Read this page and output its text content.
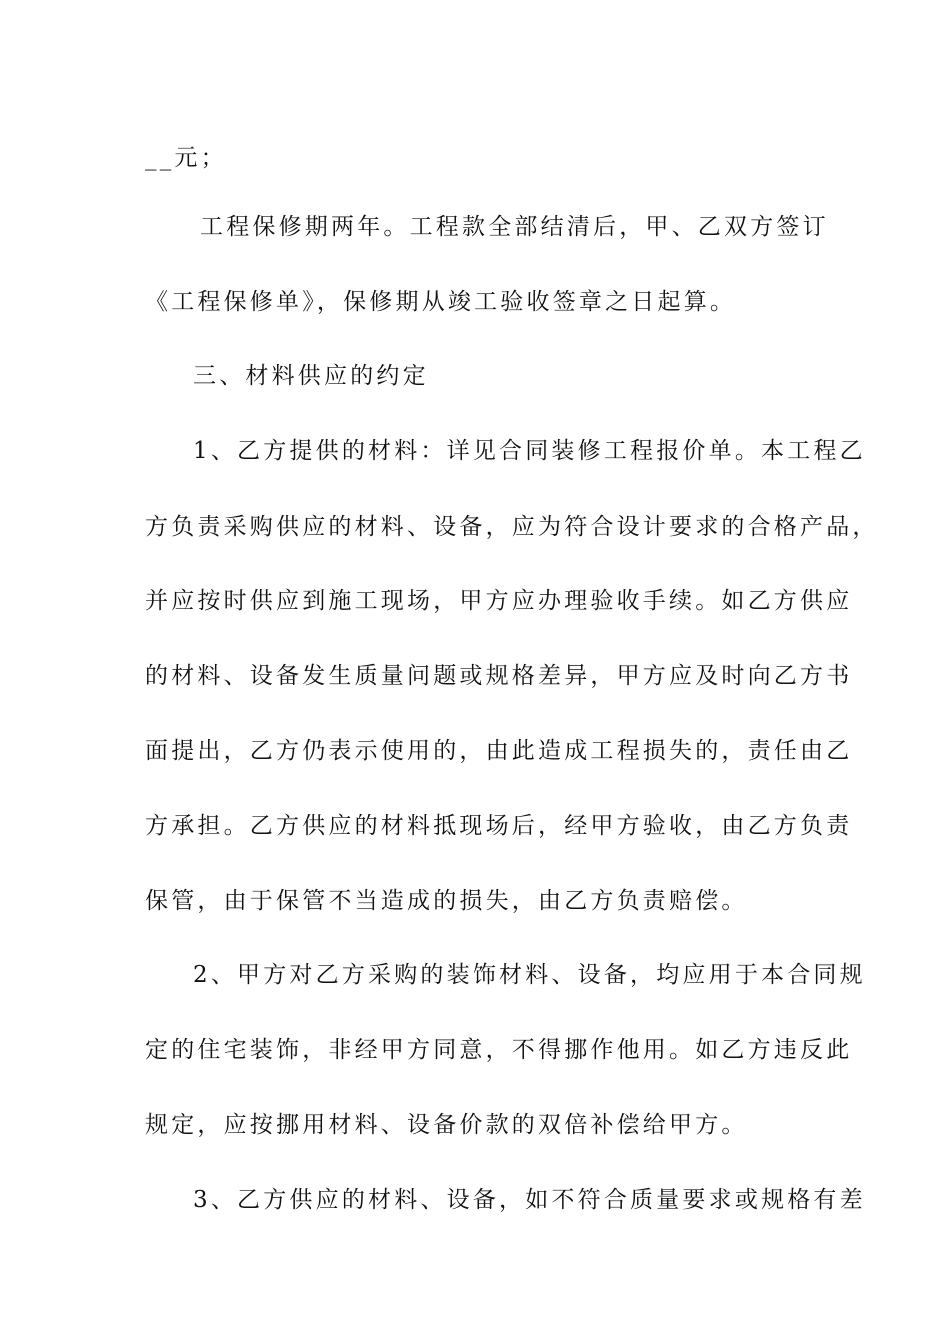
__元；
工程保修期两年。工程款全部结清后，甲、乙双方签订
《工程保修单》，保修期从竣工验收签章之日起算。
三、材料供应的约定
1、乙方提供的材料：详见合同装修工程报价单。本工程乙
方负责采购供应的材料、设备，应为符合设计要求的合格产品，
并应按时供应到施工现场，甲方应办理验收手续。如乙方供应
的材料、设备发生质量问题或规格差异，甲方应及时向乙方书
面提出，乙方仍表示使用的，由此造成工程损失的，责任由乙
方承担。乙方供应的材料抵现场后，经甲方验收，由乙方负责
保管，由于保管不当造成的损失，由乙方负责赔偿。
2、甲方对乙方采购的装饰材料、设备，均应用于本合同规
定的住宅装饰，非经甲方同意，不得挪作他用。如乙方违反此
规定，应按挪用材料、设备价款的双倍补偿给甲方。
3、乙方供应的材料、设备，如不符合质量要求或规格有差
